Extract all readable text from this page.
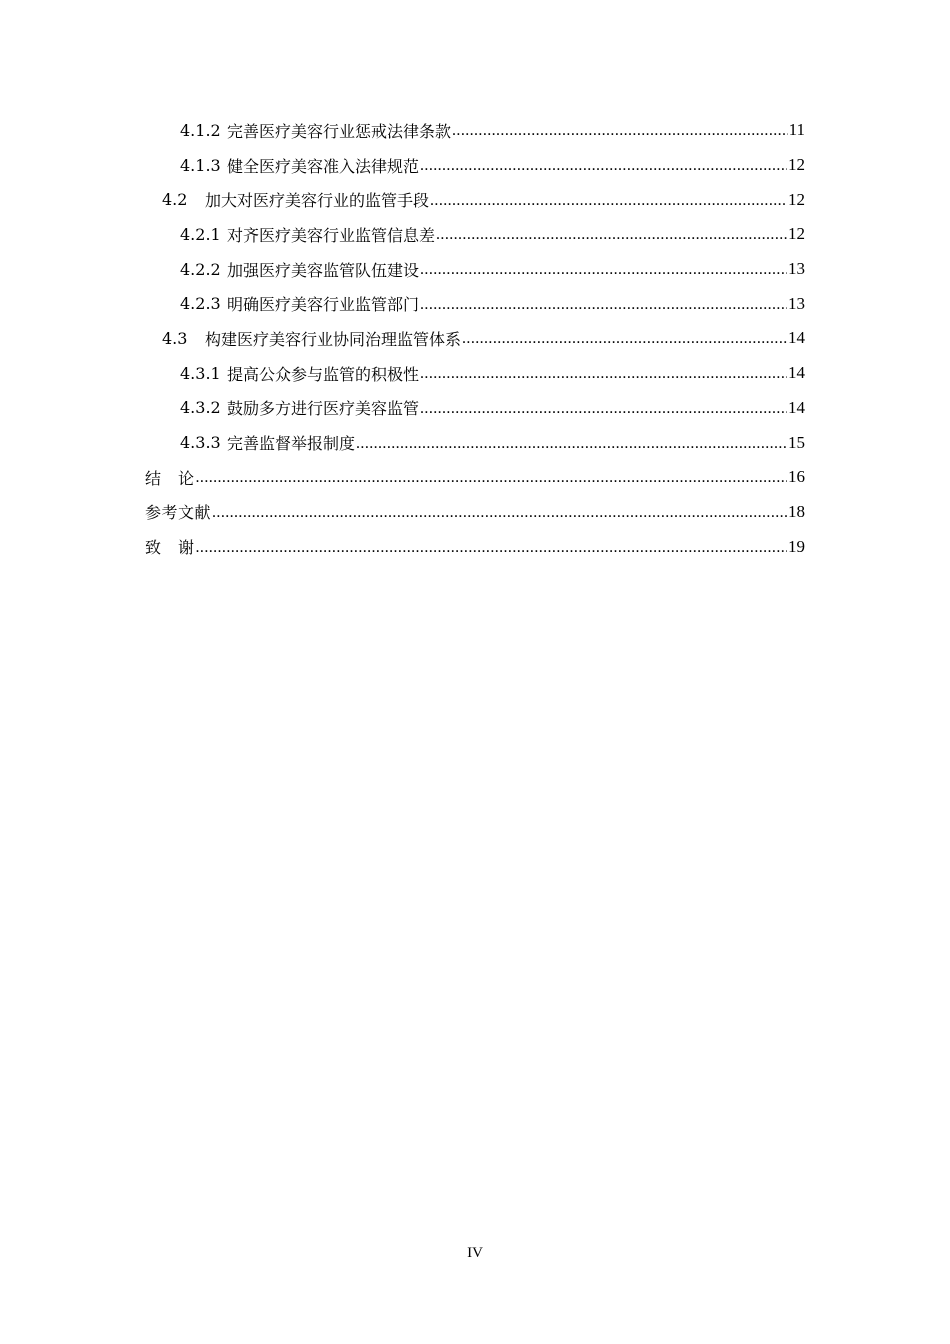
4.1.2 完善医疗美容行业惩戒法律条款 .....	11
4.1.3 健全医疗美容准入法律规范 .....	12
4.2	加大对医疗美容行业的监管手段 .....	12
4.2.1 对齐医疗美容行业监管信息差 .....	12
4.2.2 加强医疗美容监管队伍建设 .....	13
4.2.3 明确医疗美容行业监管部门 .....	13
4.3	构建医疗美容行业协同治理监管体系 .....	14
4.3.1 提高公众参与监管的积极性 .....	14
4.3.2 鼓励多方进行医疗美容监管 .....	14
4.3.3 完善监督举报制度 .....	15
结　论 .....	16
参考文献 .....	18
致　谢 .....	19
IV
